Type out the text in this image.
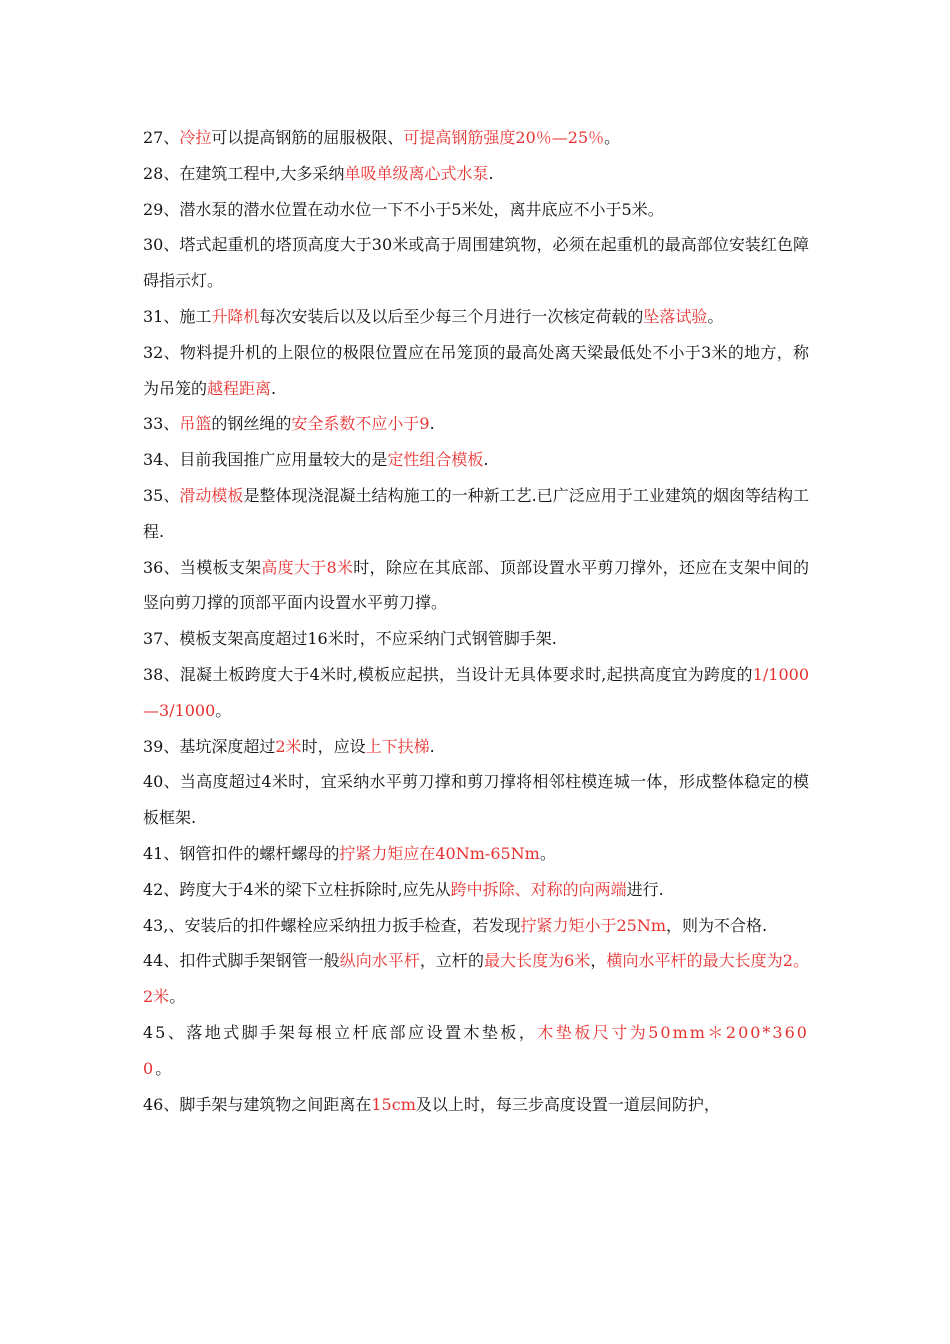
27、冷拉可以提高钢筋的屈服极限、可提高钢筋强度20％—25％。

28、在建筑工程中,大多采纳单吸单级离心式水泵.

29、潜水泵的潜水位置在动水位一下不小于5米处，离井底应不小于5米。

30、塔式起重机的塔顶高度大于30米或高于周围建筑物，必须在起重机的最高部位安装红色障碍指示灯。

31、施工升降机每次安装后以及以后至少每三个月进行一次核定荷载的坠落试验。

32、物料提升机的上限位的极限位置应在吊笼顶的最高处离天梁最低处不小于3米的地方，称为吊笼的越程距离.

33、吊篮的钢丝绳的安全系数不应小于9.

34、目前我国推广应用量较大的是定性组合模板.

35、滑动模板是整体现浇混凝土结构施工的一种新工艺.已广泛应用于工业建筑的烟囱等结构工程.

36、当模板支架高度大于8米时，除应在其底部、顶部设置水平剪刀撑外，还应在支架中间的竖向剪刀撑的顶部平面内设置水平剪刀撑。

37、模板支架高度超过16米时，不应采纳门式钢管脚手架.

38、混凝土板跨度大于4米时,模板应起拱，当设计无具体要求时,起拱高度宜为跨度的1/1000—3/1000。

39、基坑深度超过2米时，应设上下扶梯.

40、当高度超过4米时，宜采纳水平剪刀撑和剪刀撑将相邻柱模连城一体，形成整体稳定的模板框架.

41、钢管扣件的螺杆螺母的拧紧力矩应在40Nm-65Nm。

42、跨度大于4米的梁下立柱拆除时,应先从跨中拆除、对称的向两端进行.

43,、安装后的扣件螺栓应采纳扭力扳手检查，若发现拧紧力矩小于25Nm，则为不合格.

44、扣件式脚手架钢管一般纵向水平杆，立杆的最大长度为6米，横向水平杆的最大长度为2。2米。

45、落地式脚手架每根立杆底部应设置木垫板，木垫板尺寸为50mm＊200*3600。

46、脚手架与建筑物之间距离在15cm及以上时，每三步高度设置一道层间防护，
